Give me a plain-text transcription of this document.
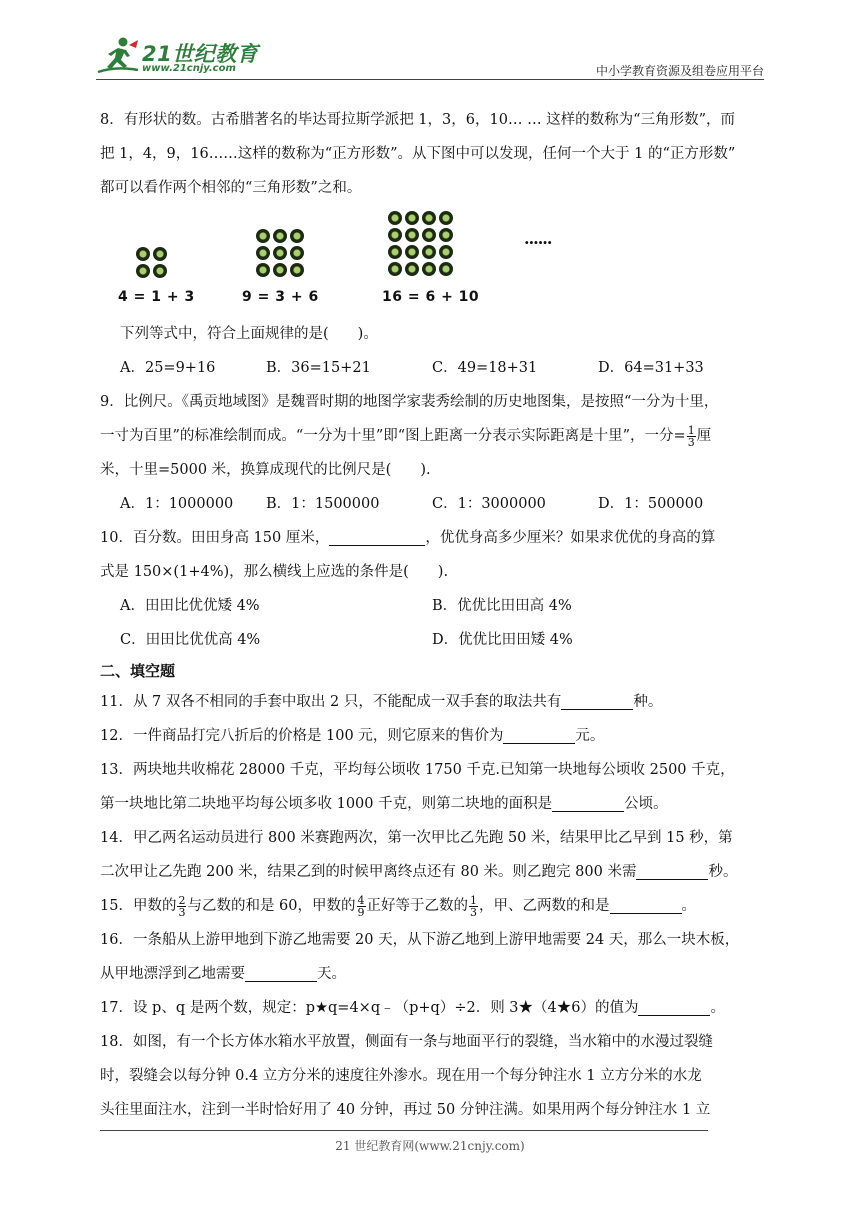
21世纪教育
www.21cnjy.com	中小学教育资源及组卷应用平台

8．有形状的数。古希腊著名的毕达哥拉斯学派把 1，3，6，10… … 这样的数称为“三角形数”，而

把 1，4，9，16……这样的数称为“正方形数”。从下图中可以发现，任何一个大于 1 的“正方形数”

都可以看作两个相邻的“三角形数”之和。

......
4 = 1 + 3	9 = 3 + 6	16 = 6 + 10

下列等式中，符合上面规律的是(　　)。

A．25=9+16	B．36=15+21	C．49=18+31	D．64=31+33

9．比例尺。《禹贡地域图》是魏晋时期的地图学家裴秀绘制的历史地图集，是按照“一分为十里，

一寸为百里”的标准绘制而成。“一分为十里”即“图上距离一分表示实际距离是十里”，一分= $\frac{1}{3}$ 厘

米，十里=5000 米，换算成现代的比例尺是(　　).

A．1：1000000	B．1：1500000	C．1：3000000	D．1：500000

10．百分数。田田身高 150 厘米，	，优优身高多少厘米？如果求优优的身高的算

式是 150×(1+4%)，那么横线上应选的条件是(　　).

A．田田比优优矮 4%	B．优优比田田高 4%
C．田田比优优高 4%	D．优优比田田矮 4%

二、填空题

11．从 7 双各不相同的手套中取出 2 只，不能配成一双手套的取法共有	种。

12．一件商品打完八折后的价格是 100 元，则它原来的售价为	元。

13．两块地共收棉花 28000 千克，平均每公顷收 1750 千克.已知第一块地每公顷收 2500 千克，

第一块地比第二块地平均每公顷多收 1000 千克，则第二块地的面积是	公顷。

14．甲乙两名运动员进行 800 米赛跑两次，第一次甲比乙先跑 50 米，结果甲比乙早到 15 秒，第

二次甲让乙先跑 200 米，结果乙到的时候甲离终点还有 80 米。则乙跑完 800 米需	秒。

15．甲数的 $\frac{2}{3}$ 与乙数的和是 60，甲数的 $\frac{4}{9}$ 正好等于乙数的 $\frac{1}{3}$ ，甲、乙两数的和是	。

16．一条船从上游甲地到下游乙地需要 20 天，从下游乙地到上游甲地需要 24 天，那么一块木板，

从甲地漂浮到乙地需要	天。

17．设 p、q 是两个数，规定：p★q=4×q﹣（p+q）÷2．则 3★（4★6）的值为	。

18．如图，有一个长方体水箱水平放置，侧面有一条与地面平行的裂缝，当水箱中的水漫过裂缝

时，裂缝会以每分钟 0.4 立方分米的速度往外渗水。现在用一个每分钟注水 1 立方分米的水龙

头往里面注水，注到一半时恰好用了 40 分钟，再过 50 分钟注满。如果用两个每分钟注水 1 立

21 世纪教育网(www.21cnjy.com)
